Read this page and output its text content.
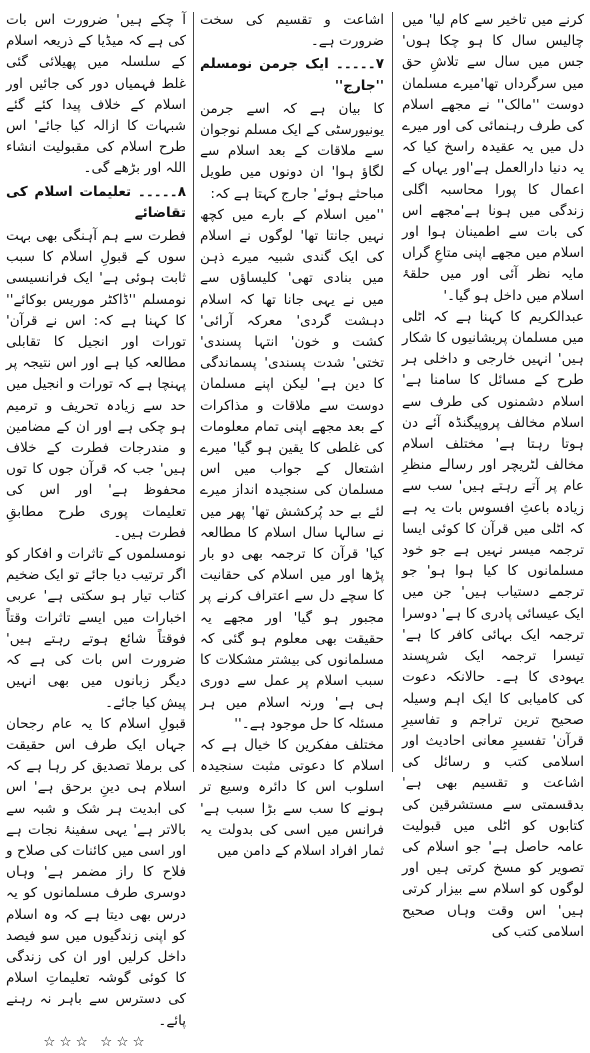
کرنے میں تاخیر سے کام لیا' میں چالیس سال کا ہو چکا ہوں' جس میں سال سے تلاشِ حق میں سرگرداں تھا'میرے مسلمان دوست ''مالک'' نے مجھے اسلام کی طرف رہنمائی کی اور میرے دل میں یہ عقیدہ راسخ کیا کہ یہ دنیا دارالعمل ہے'اور یہاں کے اعمال کا پورا محاسبہ اگلی زندگی میں ہونا ہے'مجھے اس کی بات سے اطمینان ہوا اور اسلام میں مجھے اپنی متاعِ گراں مایہ نظر آئی اور میں حلقۂ اسلام میں داخل ہو گیا۔'

عبدالکریم کا کہنا ہے کہ اٹلی میں مسلمان پریشانیوں کا شکار ہیں' انہیں خارجی و داخلی ہر طرح کے مسائل کا سامنا ہے' اسلام دشمنوں کی طرف سے اسلام مخالف پروپیگنڈہ آئے دن ہوتا رہتا ہے' مختلف اسلام مخالف لٹریچر اور رسالے منظرِ عام پر آتے رہتے ہیں' سب سے زیادہ باعثِ افسوس بات یہ ہے کہ اٹلی میں قرآن کا کوئی ایسا ترجمہ میسر نہیں ہے جو خود مسلمانوں کا کیا ہوا ہو' جو ترجمے دستیاب ہیں' جن میں ایک عیسائی پادری کا ہے' دوسرا ترجمہ ایک بہائی کافر کا ہے' تیسرا ترجمہ ایک شرپسند یہودی کا ہے۔ حالانکہ دعوت کی کامیابی کا ایک اہم وسیلہ صحیح ترین تراجم و تفاسیرِ قرآن' تفسیرِ معانی احادیث اور اسلامی کتب و رسائل کی اشاعت و تقسیم بھی ہے' بدقسمتی سے مستشرقین کی کتابوں کو اٹلی میں قبولیت عامہ حاصل ہے' جو اسلام کی تصویر کو مسخ کرتی ہیں اور لوگوں کو اسلام سے بیزار کرتی ہیں' اس وقت وہاں صحیح اسلامی کتب کی

اشاعت و تقسیم کی سخت ضرورت ہے۔

۷۔۔۔۔۔ ایک جرمن نومسلم ''جارج''

کا بیان ہے کہ اسے جرمن یونیورسٹی کے ایک مسلم نوجوان سے ملاقات کے بعد اسلام سے لگاؤ ہوا' ان دونوں میں طویل مباحثے ہوئے' جارج کہتا ہے کہ:

''میں اسلام کے بارے میں کچھ نہیں جانتا تھا' لوگوں نے اسلام کی ایک گندی شبیہ میرے ذہن میں بنادی تھی' کلیساؤں سے میں نے یہی جانا تھا کہ اسلام دہشت گردی' معرکہ آرائی' کشت و خون' انتہا پسندی' تختی' شدت پسندی' پسماندگی کا دین ہے' لیکن اپنے مسلمان دوست سے ملاقات و مذاکرات کے بعد مجھے اپنی تمام معلومات کی غلطی کا یقین ہو گیا' میرے اشتعال کے جواب میں اس مسلمان کی سنجیدہ انداز میرے لئے بے حد پُرکشش تھا' پھر میں نے سالہا سال اسلام کا مطالعہ کیا' قرآن کا ترجمہ بھی دو بار پڑھا اور میں اسلام کی حقانیت کا سچے دل سے اعتراف کرنے پر مجبور ہو گیا' اور مجھے یہ حقیقت بھی معلوم ہو گئی کہ مسلمانوں کی بیشتر مشکلات کا سبب اسلام پر عمل سے دوری ہی ہے' ورنہ اسلام میں ہر مسئلہ کا حل موجود ہے۔''

مختلف مفکرین کا خیال ہے کہ اسلام کا دعوتی مثبت سنجیدہ اسلوب اس کا دائرہ وسیع تر ہونے کا سب سے بڑا سبب ہے' فرانس میں اسی کی بدولت یہ ثمار افراد اسلام کے دامن میں

آ چکے ہیں' ضرورت اس بات کی ہے کہ میڈیا کے ذریعہ اسلام کے سلسلہ میں پھیلائی گئی غلط فہمیاں دور کی جائیں اور اسلام کے خلاف پیدا کئے گئے شبہات کا ازالہ کیا جائے' اس طرح اسلام کی مقبولیت انشاء اللہ اور بڑھے گی۔

۸۔۔۔۔۔ تعلیمات اسلام کی تقاضائے

فطرت سے ہم آہنگی بھی بہت سوں کے قبولِ اسلام کا سبب ثابت ہوئی ہے' ایک فرانسیسی نومسلم ''ڈاکٹر موریس بوکائے'' کا کہنا ہے کہ: اس نے قرآن' تورات اور انجیل کا تقابلی مطالعہ کیا ہے اور اس نتیجہ پر پہنچا ہے کہ تورات و انجیل میں حد سے زیادہ تحریف و ترمیم ہو چکی ہے اور ان کے مضامین و مندرجات فطرت کے خلاف ہیں' جب کہ قرآن جوں کا توں محفوظ ہے' اور اس کی تعلیمات پوری طرح مطابقِ فطرت ہیں۔

نومسلموں کے تاثرات و افکار کو اگر ترتیب دیا جائے تو ایک ضخیم کتاب تیار ہو سکتی ہے' عربی اخبارات میں ایسے تاثرات وقتاً فوقتاً شائع ہوتے رہتے ہیں' ضرورت اس بات کی ہے کہ دیگر زبانوں میں بھی انہیں پیش کیا جائے۔

قبولِ اسلام کا یہ عام رجحان جہاں ایک طرف اس حقیقت کی برملا تصدیق کر رہا ہے کہ اسلام ہی دینِ برحق ہے' اس کی ابدیت ہر شک و شبہ سے بالاتر ہے' یہی سفینۂ نجات ہے اور اسی میں کائنات کی صلاح و فلاح کا راز مضمر ہے' وہاں دوسری طرف مسلمانوں کو یہ درس بھی دیتا ہے کہ وہ اسلام کو اپنی زندگیوں میں سو فیصد داخل کرلیں اور ان کی زندگی کا کوئی گوشہ تعلیماتِ اسلام کی دسترس سے باہر نہ رہنے پائے۔

☆☆☆ ☆☆☆
